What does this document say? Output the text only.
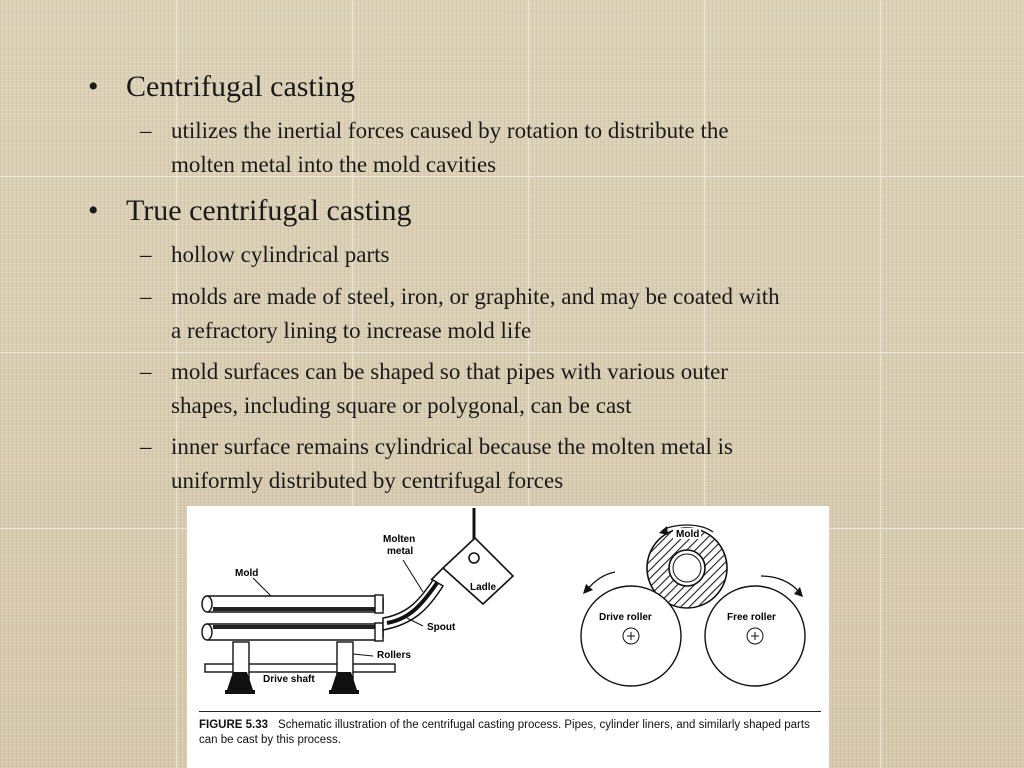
• Centrifugal casting
– utilizes the inertial forces caused by rotation to distribute the
molten metal into the mold cavities
• True centrifugal casting
– hollow cylindrical parts
– molds are made of steel, iron, or graphite, and may be coated with
a refractory lining to increase mold life
– mold surfaces can be shaped so that pipes with various outer
shapes, including square or polygonal, can be cast
– inner surface remains cylindrical because the molten metal is
uniformly distributed by centrifugal forces
Mold
Molten
metal
Ladle
Spout
Rollers
Drive shaft
Mold
Drive roller	Free roller
FIGURE 5.33 Schematic illustration of the centrifugal casting process. Pipes, cylinder liners, and similarly shaped parts can be cast by this process.
